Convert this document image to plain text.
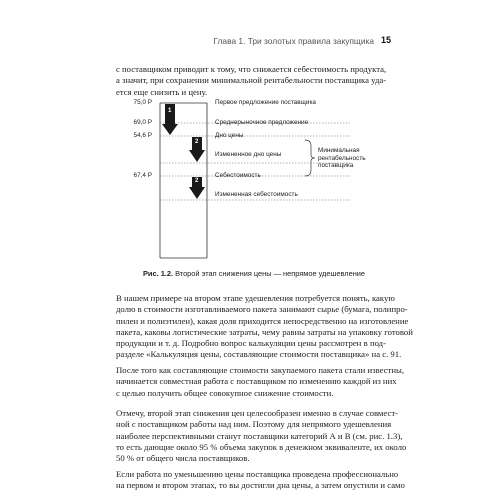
Глава 1. Три золотых правила закупщика 15
с поставщиком приводит к тому, что снижается себестоимость продукта,
а значит, при сохранении минимальной рентабельности поставщика уда-
ется еще снизить и цену.
1
2
2
75,0 Р
69,0 Р
54,6 Р
67,4 Р
Первое предложение поставщика
Среднерыночное предложение
Дно цены
Измененное дно цены
Себестоимость
Измененная себестоимость
Минимальная
рентабельность
поставщика
Рис. 1.2. Второй этап снижения цены — непрямое удешевление
В нашем примере на втором этапе удешевления потребуется понять, какую
долю в стоимости изготавливаемого пакета занимают сырье (бумага, полипро-
пилен и полиэтилен), какая доля приходится непосредственно на изготовление
пакета, каковы логистические затраты, чему равны затраты на упаковку готовой
продукции и т. д. Подробно вопрос калькуляции цены рассмотрен в под-
разделе «Калькуляция цены, составляющие стоимости поставщика» на с. 91.
После того как составляющие стоимости закупаемого пакета стали известны,
начинается совместная работа с поставщиком по изменению каждой из них
с целью получить общее совокупное снижение стоимости.
Отмечу, второй этап снижения цен целесообразен именно в случае совмест-
ной с поставщиком работы над ним. Поэтому для непрямого удешевления
наиболее перспективными станут поставщики категорий А и В (см. рис. 1.3),
то есть дающие около 95 % объема закупок в денежном эквиваленте, их около
50 % от общего числа поставщиков.
Если работа по уменьшению цены поставщика проведена профессионально
на первом и втором этапах, то вы достигли дна цены, а затем опустили и само
